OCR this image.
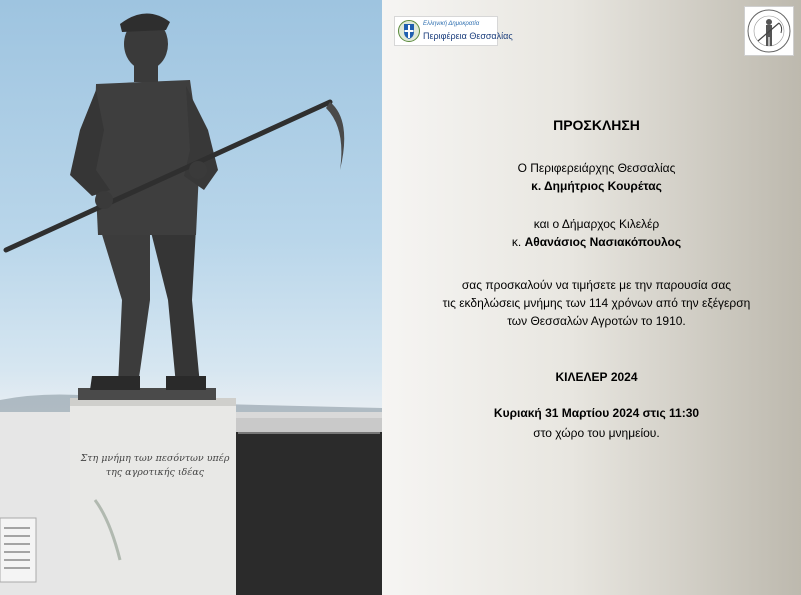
Στη μνήμη των πεσόντων υπέρ
της αγροτικής ιδέας
Ελληνική Δημοκρατία
Περιφέρεια Θεσσαλίας
ΠΡΟΣΚΛΗΣΗ
Ο Περιφερειάρχης Θεσσαλίας
κ. Δημήτριος Κουρέτας
και ο Δήμαρχος Κιλελέρ
κ. Αθανάσιος Νασιακόπουλος
σας προσκαλούν να τιμήσετε με την παρουσία σας
τις εκδηλώσεις μνήμης των 114 χρόνων από την εξέγερση
των Θεσσαλών Αγροτών το 1910.
ΚΙΛΕΛΕΡ 2024
Κυριακή 31 Μαρτίου 2024 στις 11:30
στο χώρο του μνημείου.
